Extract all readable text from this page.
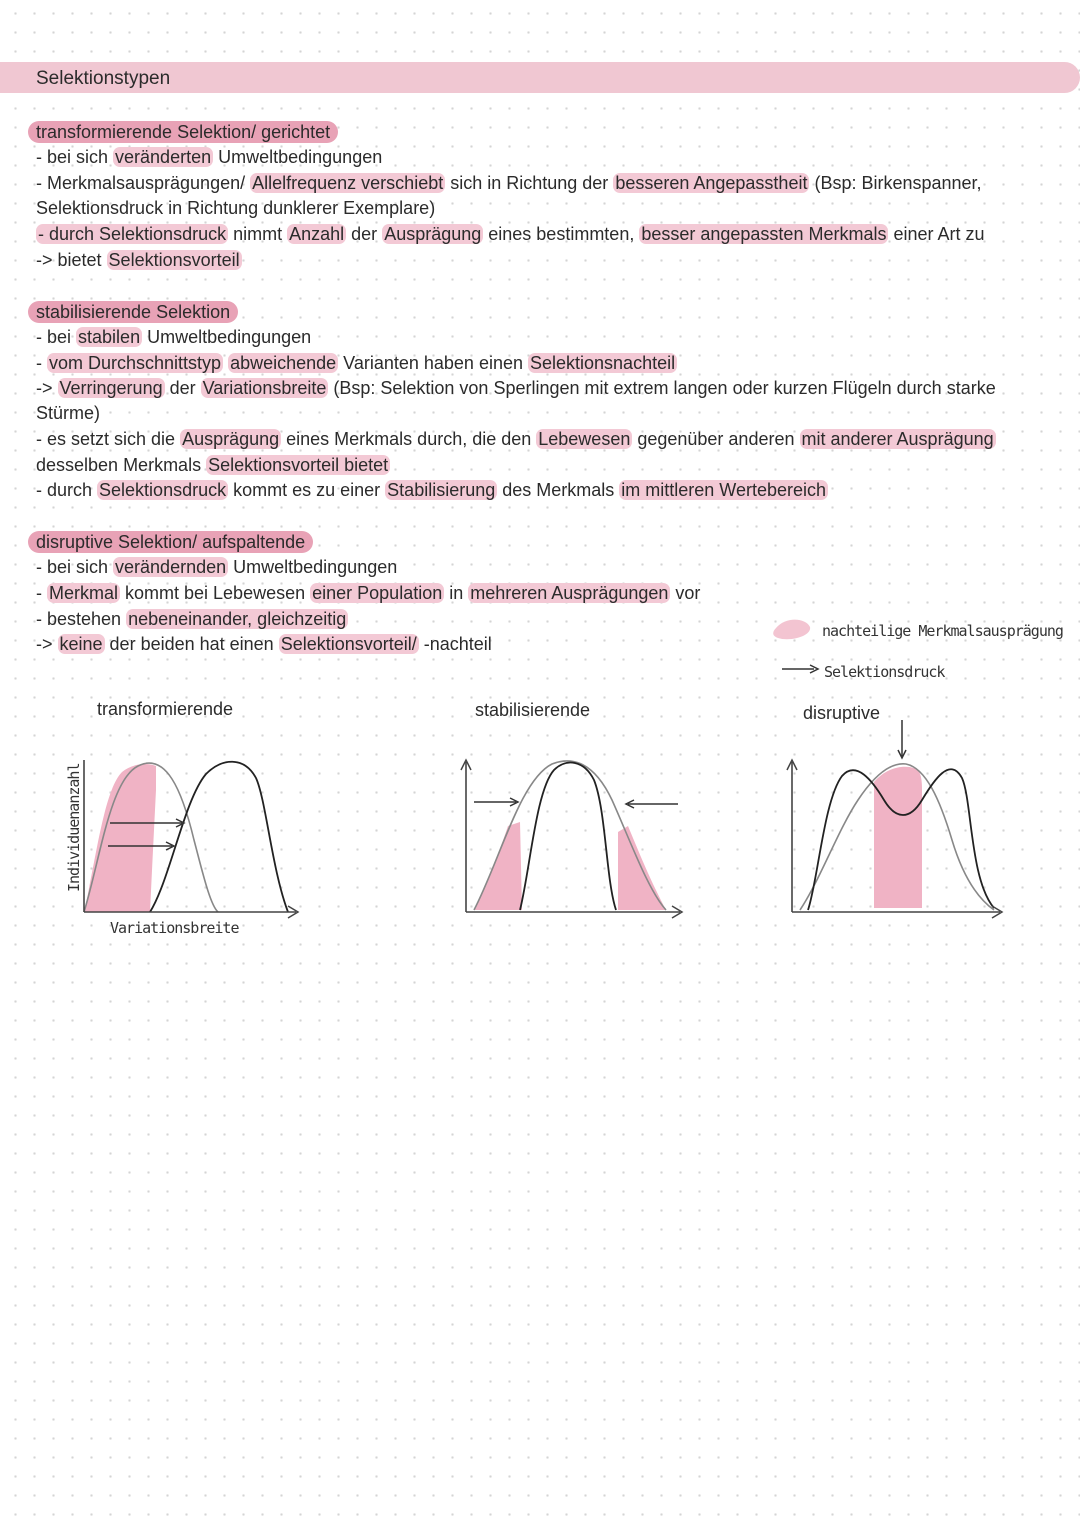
Selektionstypen
transformierende Selektion/ gerichtet
- bei sich veränderten Umweltbedingungen
- Merkmalsausprägungen/ Allelfrequenz verschiebt sich in Richtung der besseren Angepasstheit (Bsp: Birkenspanner,
Selektionsdruck in Richtung dunklerer Exemplare)
- durch Selektionsdruck nimmt Anzahl der Ausprägung eines bestimmten, besser angepassten Merkmals einer Art zu
-> bietet Selektionsvorteil
stabilisierende Selektion
- bei stabilen Umweltbedingungen
- vom Durchschnittstyp abweichende Varianten haben einen Selektionsnachteil
-> Verringerung der Variationsbreite (Bsp: Selektion von Sperlingen mit extrem langen oder kurzen Flügeln durch starke
Stürme)
- es setzt sich die Ausprägung eines Merkmals durch, die den Lebewesen gegenüber anderen mit anderer Ausprägung
desselben Merkmals Selektionsvorteil bietet
- durch Selektionsdruck kommt es zu einer Stabilisierung des Merkmals im mittleren Wertebereich
disruptive Selektion/ aufspaltende
- bei sich verändernden Umweltbedingungen
- Merkmal kommt bei Lebewesen einer Population in mehreren Ausprägungen vor
- bestehen nebeneinander, gleichzeitig
-> keine der beiden hat einen Selektionsvorteil/ -nachteil
nachteilige Merkmalsausprägung
Selektionsdruck
transformierende	stabilisierende	disruptive
Individuenanzahl
Variationsbreite
